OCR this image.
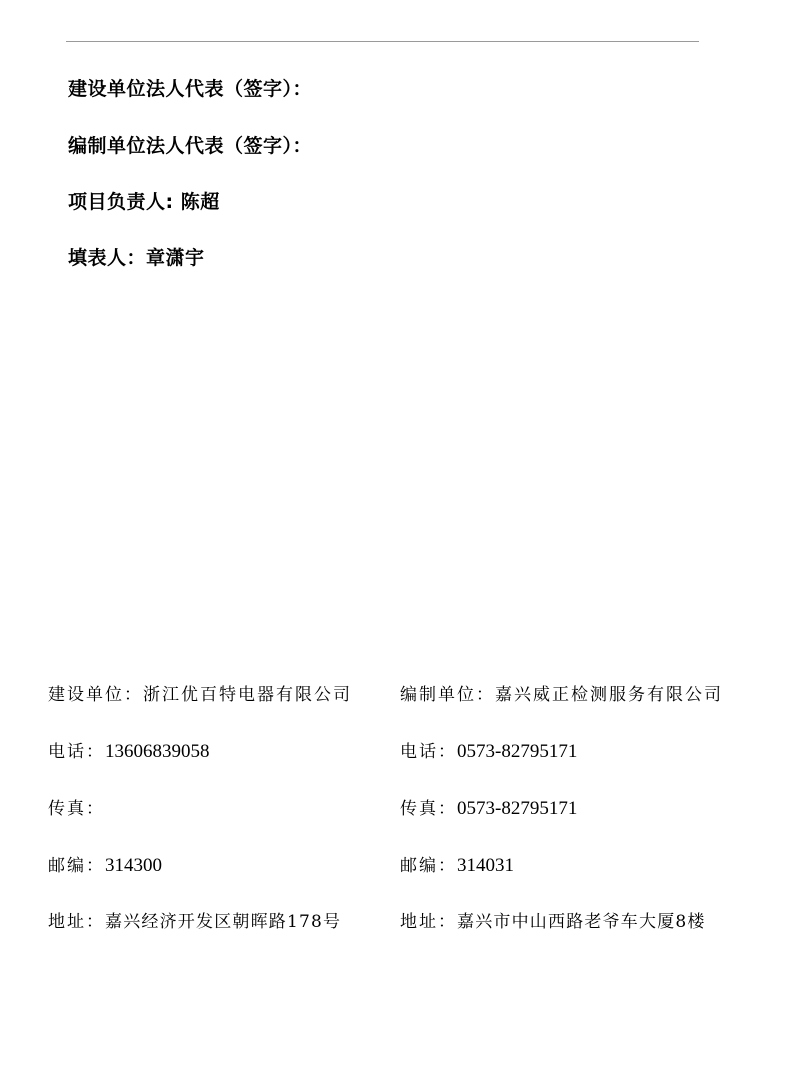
建设单位法人代表（签字）：
编制单位法人代表（签字）：
项目负责人: 陈超
填表人：章潇宇
建设单位：浙江优百特电器有限公司
电话：13606839058
传真：
邮编：314300
地址：嘉兴经济开发区朝晖路178号
编制单位：嘉兴威正检测服务有限公司
电话：0573-82795171
传真：0573-82795171
邮编：314031
地址：嘉兴市中山西路老爷车大厦8楼
